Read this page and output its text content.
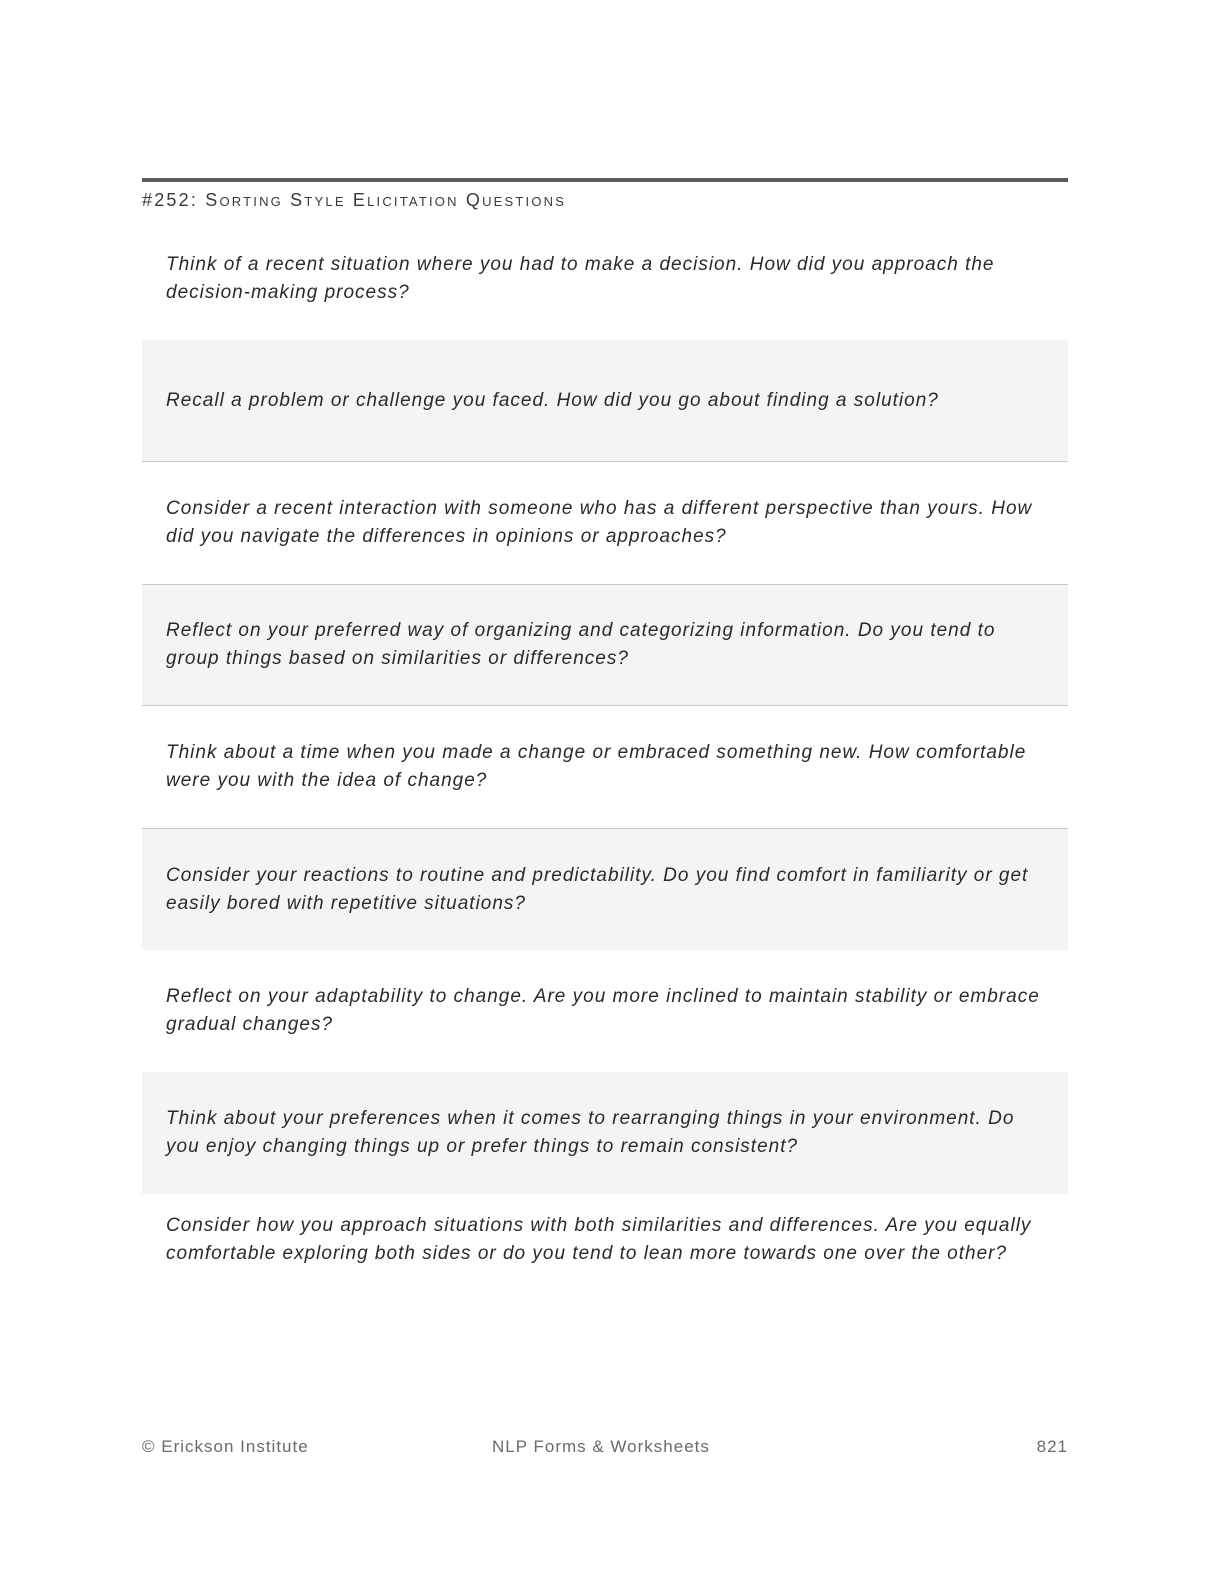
#252: Sorting Style Elicitation Questions
Think of a recent situation where you had to make a decision. How did you approach the decision-making process?
Recall a problem or challenge you faced. How did you go about finding a solution?
Consider a recent interaction with someone who has a different perspective than yours. How did you navigate the differences in opinions or approaches?
Reflect on your preferred way of organizing and categorizing information. Do you tend to group things based on similarities or differences?
Think about a time when you made a change or embraced something new. How comfortable were you with the idea of change?
Consider your reactions to routine and predictability. Do you find comfort in familiarity or get easily bored with repetitive situations?
Reflect on your adaptability to change. Are you more inclined to maintain stability or embrace gradual changes?
Think about your preferences when it comes to rearranging things in your environment. Do you enjoy changing things up or prefer things to remain consistent?
Consider how you approach situations with both similarities and differences. Are you equally comfortable exploring both sides or do you tend to lean more towards one over the other?
© Erickson Institute	NLP Forms & Worksheets	821
